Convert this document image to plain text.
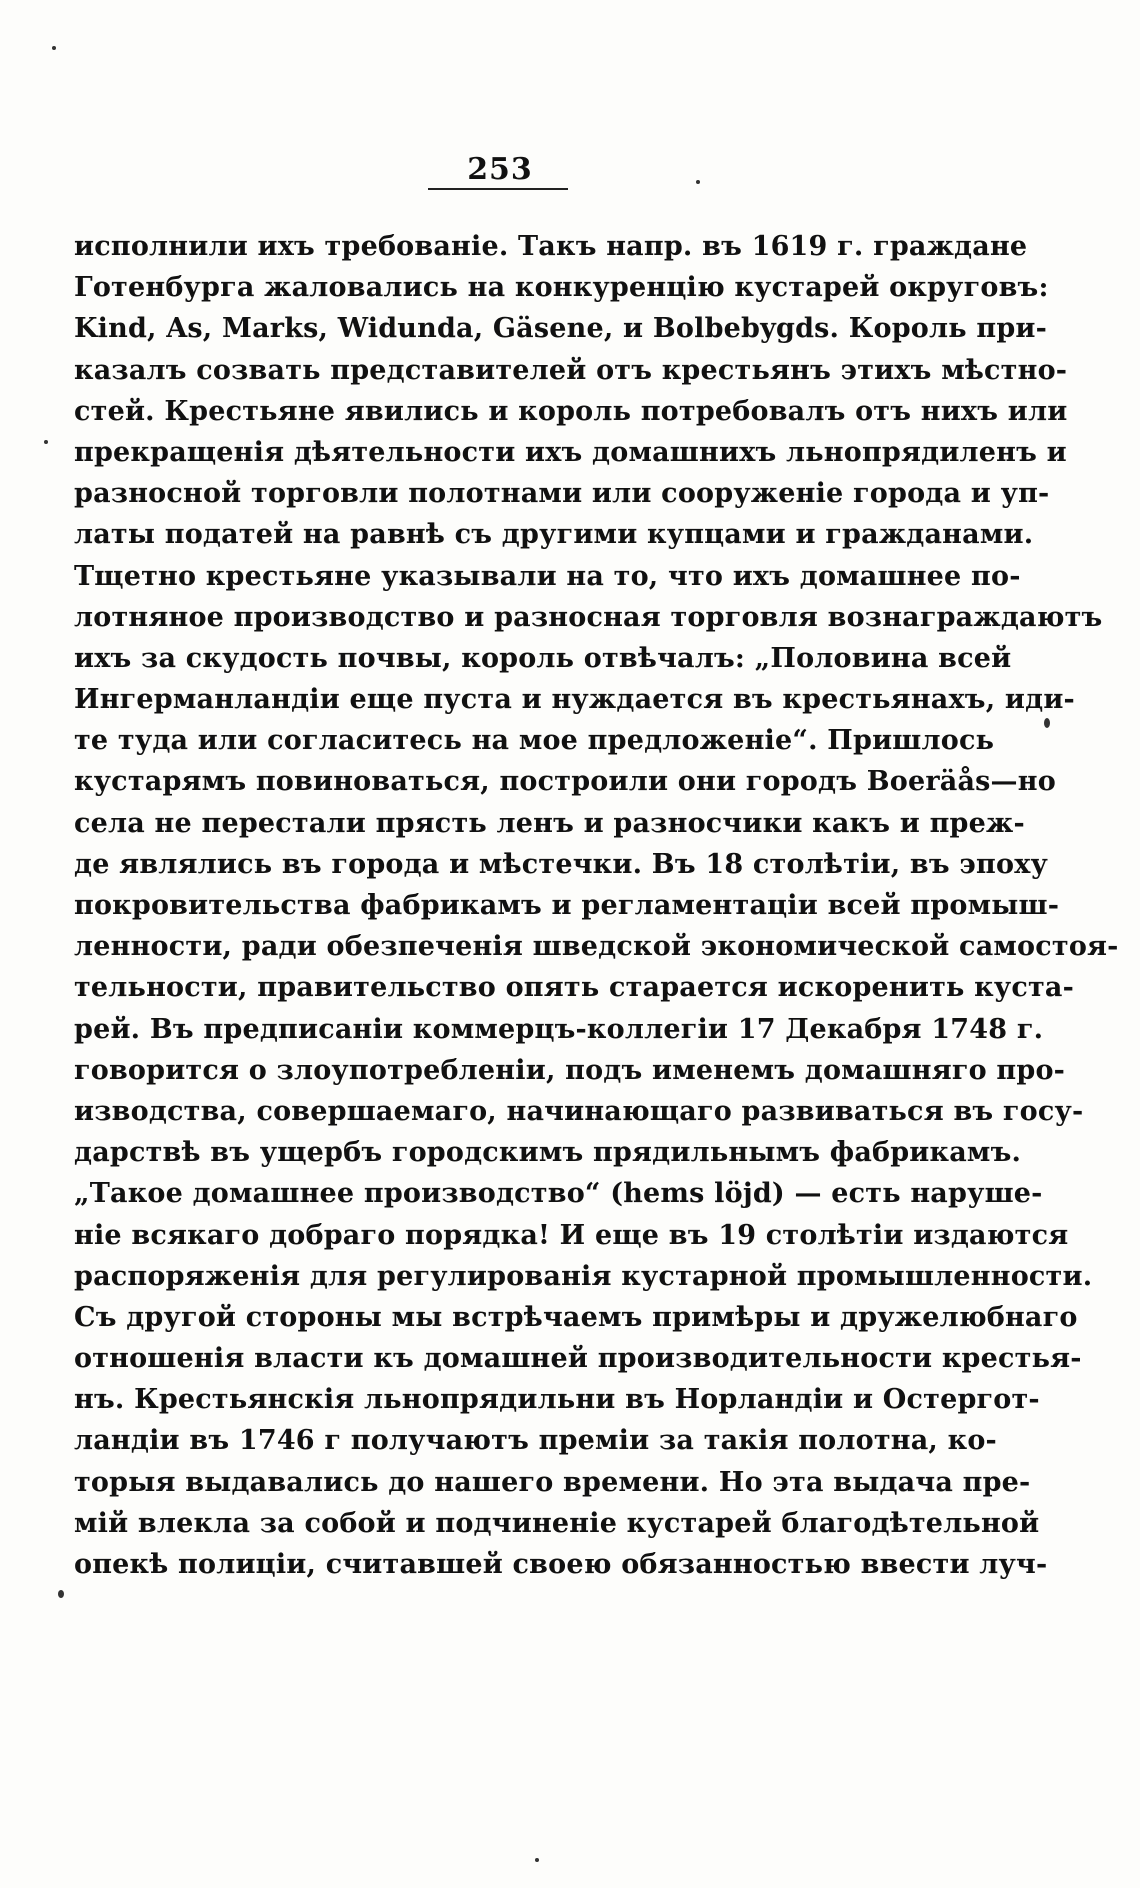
253
исполнили ихъ требованіе. Такъ напр. въ 1619 г. граждане
Готенбурга жаловались на конкуренцію кустарей округовъ:
Kind, As, Marks, Widunda, Gäsene, и Bolbebygds. Король при-
казалъ созвать представителей отъ крестьянъ этихъ мѣстно-
стей. Крестьяне явились и король потребовалъ отъ нихъ или
прекращенія дѣятельности ихъ домашнихъ льнопрядиленъ и
разносной торговли полотнами или сооруженіе города и уп-
латы податей на равнѣ съ другими купцами и гражданами.
Тщетно крестьяне указывали на то, что ихъ домашнее по-
лотняное производство и разносная торговля вознаграждаютъ
ихъ за скудость почвы, король отвѣчалъ: „Половина всей
Ингерманландіи еще пуста и нуждается въ крестьянахъ, иди-
те туда или согласитесь на мое предложеніе“. Пришлось
кустарямъ повиноваться, построили они городъ Boeräås—но
села не перестали прясть ленъ и разносчики какъ и преж-
де являлись въ города и мѣстечки. Въ 18 столѣтіи, въ эпоху
покровительства фабрикамъ и регламентаціи всей промыш-
ленности, ради обезпеченія шведской экономической самостоя-
тельности, правительство опять старается искоренить куста-
рей. Въ предписаніи коммерцъ-коллегіи 17 Декабря 1748 г.
говорится о злоупотребленіи, подъ именемъ домашняго про-
изводства, совершаемаго, начинающаго развиваться въ госу-
дарствѣ въ ущербъ городскимъ прядильнымъ фабрикамъ.
„Такое домашнее производство“ (hems löjd) — есть наруше-
ніе всякаго добраго порядка! И еще въ 19 столѣтіи издаются
распоряженія для регулированія кустарной промышленности.
Съ другой стороны мы встрѣчаемъ примѣры и дружелюбнаго
отношенія власти къ домашней производительности крестья-
нъ. Крестьянскія льнопрядильни въ Норландіи и Остергот-
ландіи въ 1746 г получаютъ преміи за такія полотна, ко-
торыя выдавались до нашего времени. Но эта выдача пре-
мій влекла за собой и подчиненіе кустарей благодѣтельной
опекѣ полиціи, считавшей своею обязанностью ввести луч-
